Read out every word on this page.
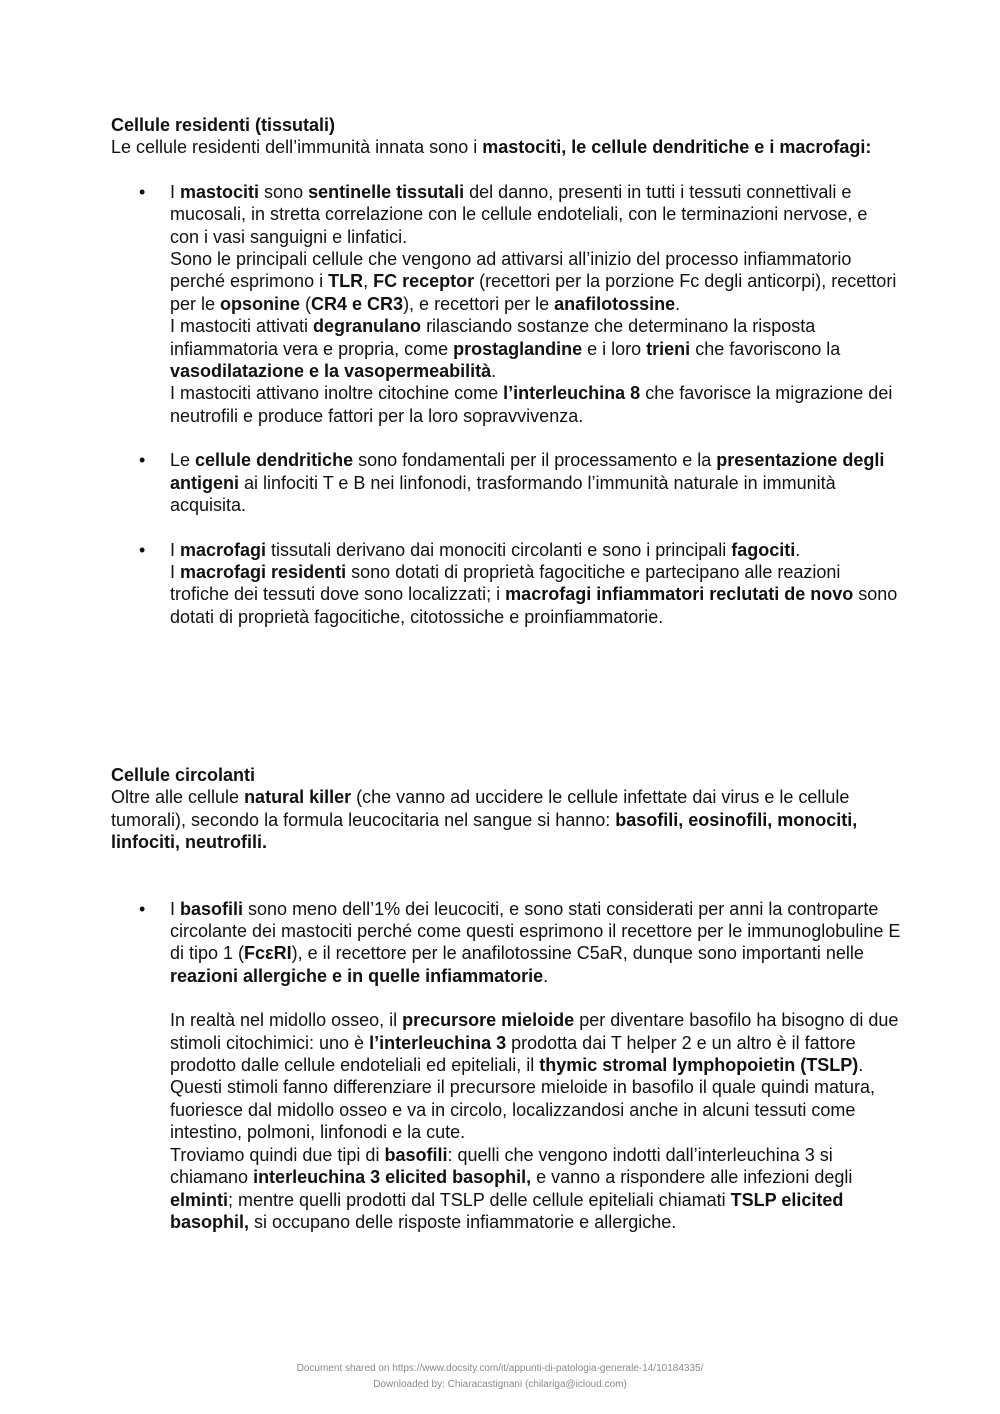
Cellule residenti (tissutali)

Le cellule residenti dell’immunità innata sono i mastociti, le cellule dendritiche e i macrofagi:

• I mastociti sono sentinelle tissutali del danno, presenti in tutti i tessuti connettivali e mucosali, in stretta correlazione con le cellule endoteliali, con le terminazioni nervose, e con i vasi sanguigni e linfatici.

Sono le principali cellule che vengono ad attivarsi all’inizio del processo infiammatorio perché esprimono i TLR, FC receptor (recettori per la porzione Fc degli anticorpi), recettori per le opsonine (CR4 e CR3), e recettori per le anafilotossine.

I mastociti attivati degranulano rilasciando sostanze che determinano la risposta infiammatoria vera e propria, come prostaglandine e i loro trieni che favoriscono la vasodilatazione e la vasopermeabilità.

I mastociti attivano inoltre citochine come l’interleuchina 8 che favorisce la migrazione dei neutrofili e produce fattori per la loro sopravvivenza.

• Le cellule dendritiche sono fondamentali per il processamento e la presentazione degli antigeni ai linfociti T e B nei linfonodi, trasformando l’immunità naturale in immunità acquisita.

• I macrofagi tissutali derivano dai monociti circolanti e sono i principali fagociti.

I macrofagi residenti sono dotati di proprietà fagocitiche e partecipano alle reazioni trofiche dei tessuti dove sono localizzati; i macrofagi infiammatori reclutati de novo sono dotati di proprietà fagocitiche, citotossiche e proinfiammatorie.

Cellule circolanti

Oltre alle cellule natural killer (che vanno ad uccidere le cellule infettate dai virus e le cellule tumorali), secondo la formula leucocitaria nel sangue si hanno: basofili, eosinofili, monociti, linfociti, neutrofili.

• I basofili sono meno dell’1% dei leucociti, e sono stati considerati per anni la controparte circolante dei mastociti perché come questi esprimono il recettore per le immunoglobuline E di tipo 1 (FcεRI), e il recettore per le anafilotossine C5aR, dunque sono importanti nelle reazioni allergiche e in quelle infiammatorie.

In realtà nel midollo osseo, il precursore mieloide per diventare basofilo ha bisogno di due stimoli citochimici: uno è l’interleuchina 3 prodotta dai T helper 2 e un altro è il fattore prodotto dalle cellule endoteliali ed epiteliali, il thymic stromal lymphopoietin (TSLP).

Questi stimoli fanno differenziare il precursore mieloide in basofilo il quale quindi matura, fuoriesce dal midollo osseo e va in circolo, localizzandosi anche in alcuni tessuti come intestino, polmoni, linfonodi e la cute.

Troviamo quindi due tipi di basofili: quelli che vengono indotti dall’interleuchina 3 si chiamano interleuchina 3 elicited basophil, e vanno a rispondere alle infezioni degli elminti; mentre quelli prodotti dal TSLP delle cellule epiteliali chiamati TSLP elicited basophil, si occupano delle risposte infiammatorie e allergiche.

Document shared on https://www.docsity.com/it/appunti-di-patologia-generale-14/10184335/
Downloaded by: Chiaracastignani (chilariga@icloud.com)
